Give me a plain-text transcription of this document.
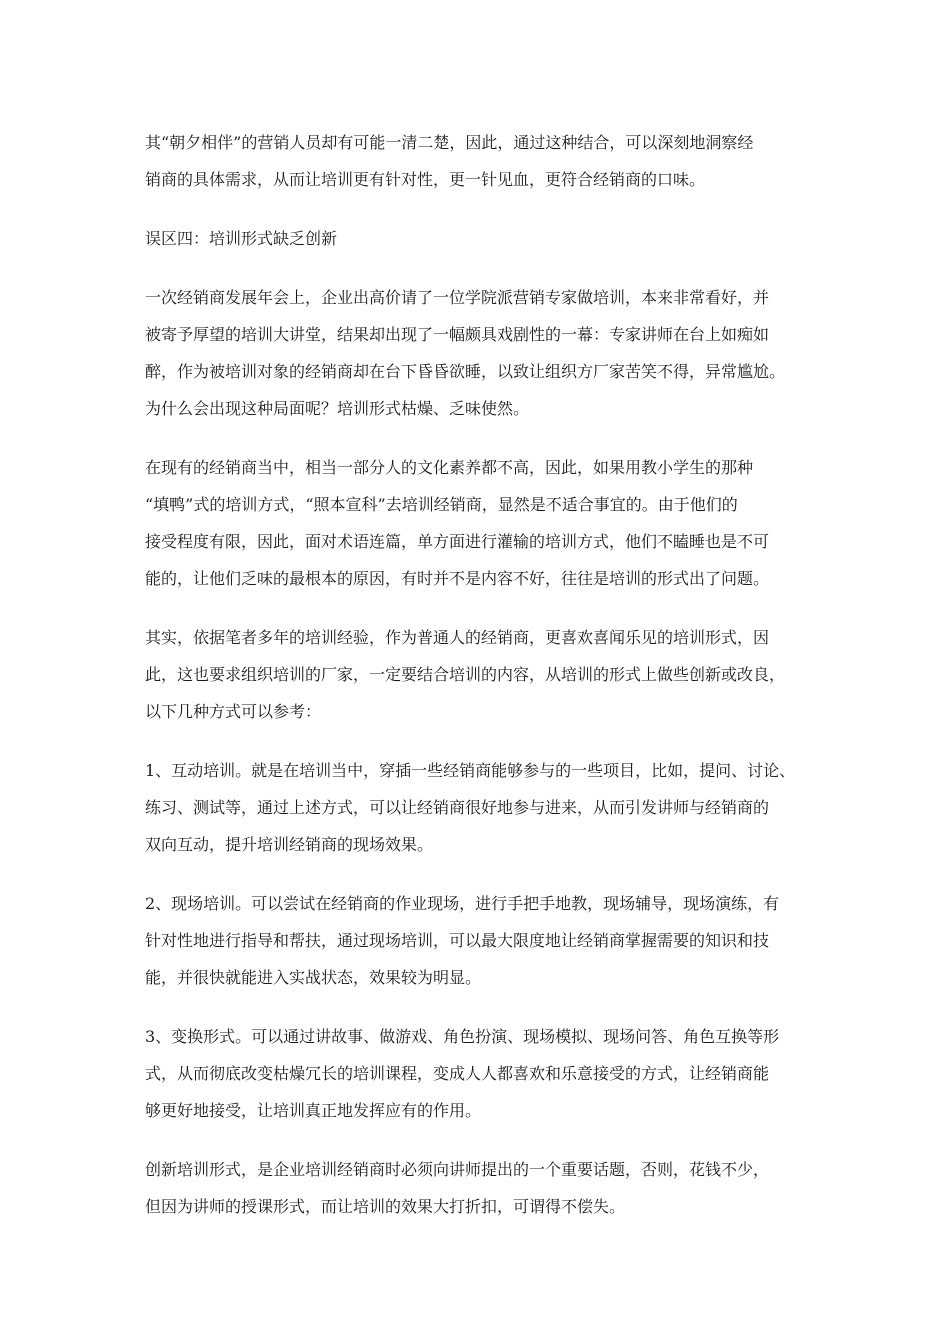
其“朝夕相伴”的营销人员却有可能一清二楚，因此，通过这种结合，可以深刻地洞察经
销商的具体需求，从而让培训更有针对性，更一针见血，更符合经销商的口味。
误区四：培训形式缺乏创新
一次经销商发展年会上，企业出高价请了一位学院派营销专家做培训，本来非常看好，并
被寄予厚望的培训大讲堂，结果却出现了一幅颇具戏剧性的一幕：专家讲师在台上如痴如
醉，作为被培训对象的经销商却在台下昏昏欲睡，以致让组织方厂家苦笑不得，异常尴尬。
为什么会出现这种局面呢？培训形式枯燥、乏味使然。
在现有的经销商当中，相当一部分人的文化素养都不高，因此，如果用教小学生的那种
“填鸭”式的培训方式，“照本宣科”去培训经销商，显然是不适合事宜的。由于他们的
接受程度有限，因此，面对术语连篇，单方面进行灌输的培训方式，他们不瞌睡也是不可
能的，让他们乏味的最根本的原因，有时并不是内容不好，往往是培训的形式出了问题。
其实，依据笔者多年的培训经验，作为普通人的经销商，更喜欢喜闻乐见的培训形式，因
此，这也要求组织培训的厂家，一定要结合培训的内容，从培训的形式上做些创新或改良，
以下几种方式可以参考：
1、互动培训。就是在培训当中，穿插一些经销商能够参与的一些项目，比如，提问、讨论、
练习、测试等，通过上述方式，可以让经销商很好地参与进来，从而引发讲师与经销商的
双向互动，提升培训经销商的现场效果。
2、现场培训。可以尝试在经销商的作业现场，进行手把手地教，现场辅导，现场演练，有
针对性地进行指导和帮扶，通过现场培训，可以最大限度地让经销商掌握需要的知识和技
能，并很快就能进入实战状态，效果较为明显。
3、变换形式。可以通过讲故事、做游戏、角色扮演、现场模拟、现场问答、角色互换等形
式，从而彻底改变枯燥冗长的培训课程，变成人人都喜欢和乐意接受的方式，让经销商能
够更好地接受，让培训真正地发挥应有的作用。
创新培训形式，是企业培训经销商时必须向讲师提出的一个重要话题，否则，花钱不少，
但因为讲师的授课形式，而让培训的效果大打折扣，可谓得不偿失。
